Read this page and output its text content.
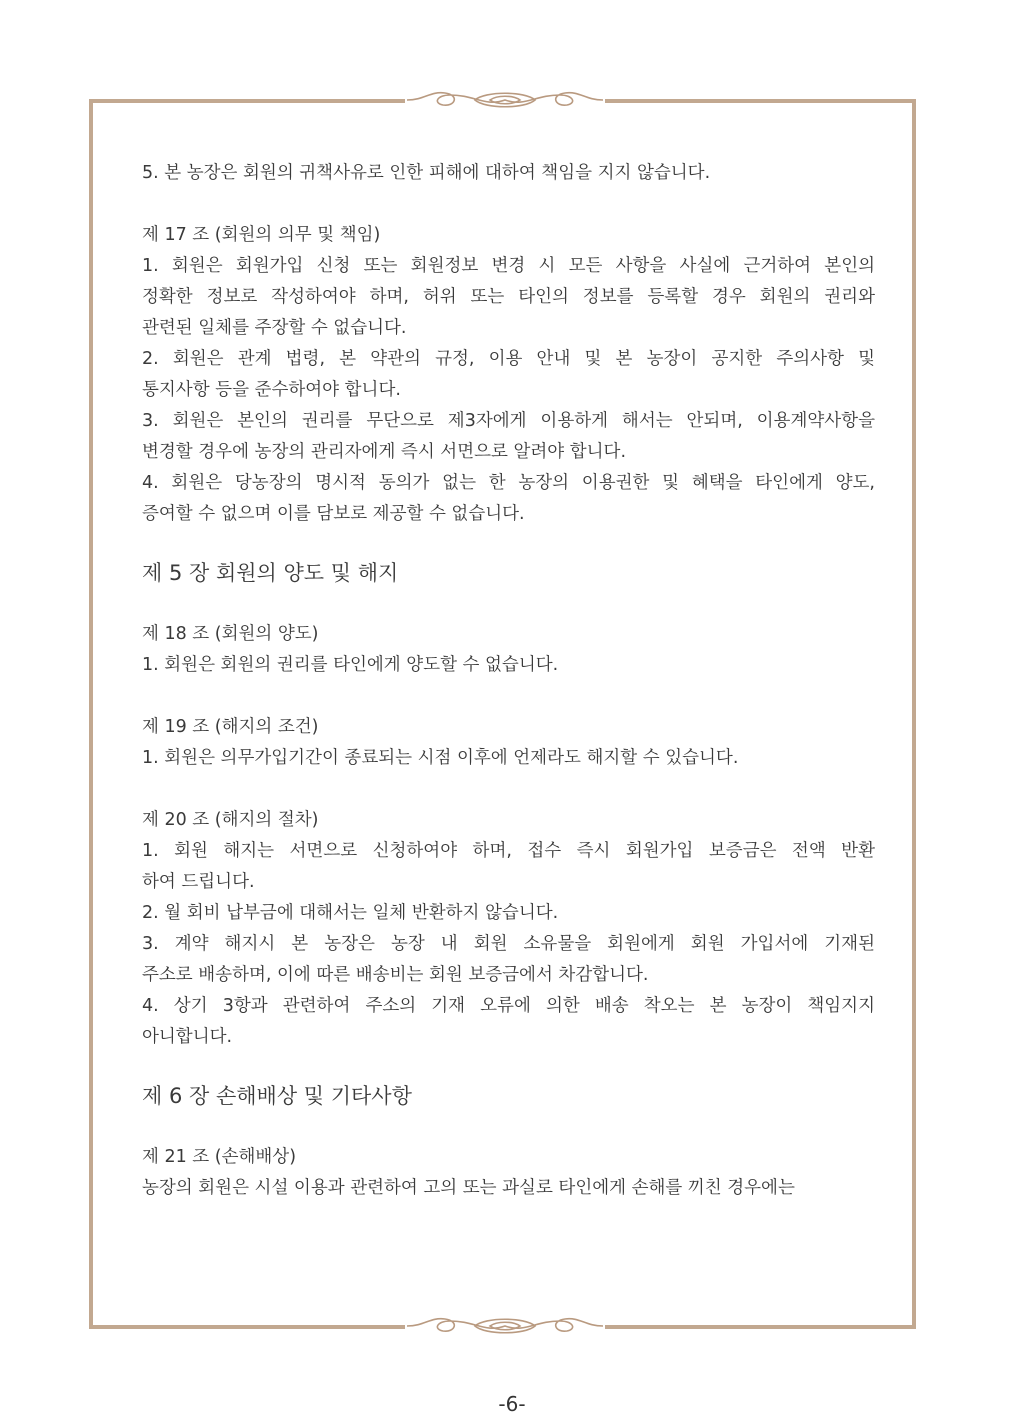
5. 본 농장은 회원의 귀책사유로 인한 피해에 대하여 책임을 지지 않습니다.
제 17 조 (회원의 의무 및 책임)
1. 회원은 회원가입 신청 또는 회원정보 변경 시 모든 사항을 사실에 근거하여 본인의
정확한 정보로 작성하여야 하며, 허위 또는 타인의 정보를 등록할 경우 회원의 권리와
관련된 일체를 주장할 수 없습니다.
2. 회원은 관계 법령, 본 약관의 규정, 이용 안내 및 본 농장이 공지한 주의사항 및
통지사항 등을 준수하여야 합니다.
3. 회원은 본인의 권리를 무단으로 제3자에게 이용하게 해서는 안되며, 이용계약사항을
변경할 경우에 농장의 관리자에게 즉시 서면으로 알려야 합니다.
4. 회원은 당농장의 명시적 동의가 없는 한 농장의 이용권한 및 혜택을 타인에게 양도,
증여할 수 없으며 이를 담보로 제공할 수 없습니다.
제 5 장 회원의 양도 및 해지
제 18 조 (회원의 양도)
1. 회원은 회원의 권리를 타인에게 양도할 수 없습니다.
제 19 조 (해지의 조건)
1. 회원은 의무가입기간이 종료되는 시점 이후에 언제라도 해지할 수 있습니다.
제 20 조 (해지의 절차)
1. 회원 해지는 서면으로 신청하여야 하며, 접수 즉시 회원가입 보증금은 전액 반환
하여 드립니다.
2. 월 회비 납부금에 대해서는 일체 반환하지 않습니다.
3. 계약 해지시 본 농장은 농장 내 회원 소유물을 회원에게 회원 가입서에 기재된
주소로 배송하며, 이에 따른 배송비는 회원 보증금에서 차감합니다.
4. 상기 3항과 관련하여 주소의 기재 오류에 의한 배송 착오는 본 농장이 책임지지
아니합니다.
제 6 장 손해배상 및 기타사항
제 21 조 (손해배상)
농장의 회원은 시설 이용과 관련하여 고의 또는 과실로 타인에게 손해를 끼친 경우에는
-6-
